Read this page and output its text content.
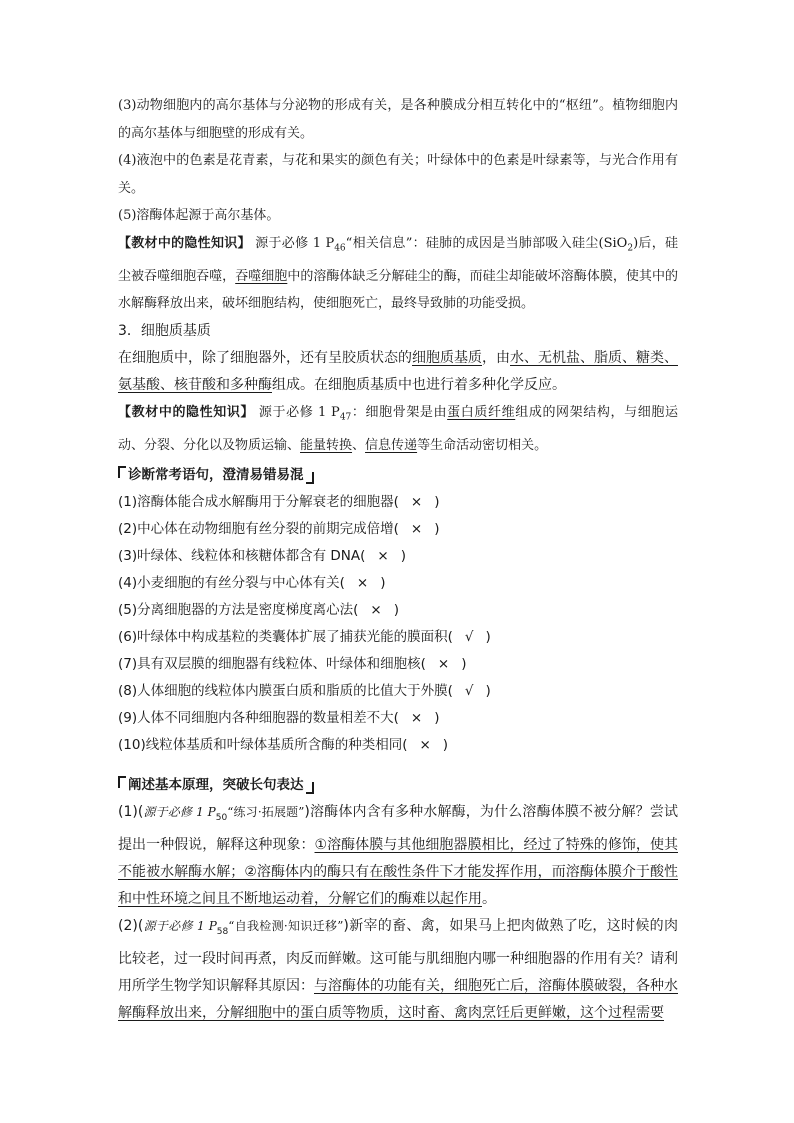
(3)动物细胞内的高尔基体与分泌物的形成有关，是各种膜成分相互转化中的“枢纽”。植物细胞内的高尔基体与细胞壁的形成有关。

(4)液泡中的色素是花青素，与花和果实的颜色有关；叶绿体中的色素是叶绿素等，与光合作用有关。

(5)溶酶体起源于高尔基体。

【教材中的隐性知识】 源于必修 1 $P_{46}“$相关信息”：硅肺的成因是当肺部吸入硅尘(SiO$_2$)后，硅尘被吞噬细胞吞噬，吞噬细胞中的溶酶体缺乏分解硅尘的酶，而硅尘却能破坏溶酶体膜，使其中的水解酶释放出来，破坏细胞结构，使细胞死亡，最终导致肺的功能受损。

3．细胞质基质

在细胞质中，除了细胞器外，还有呈胶质状态的细胞质基质，由水、无机盐、脂质、糖类、氨基酸、核苷酸和多种酶组成。在细胞质基质中也进行着多种化学反应。

【教材中的隐性知识】 源于必修 1 $P_{47}$：细胞骨架是由蛋白质纤维组成的网架结构，与细胞运动、分裂、分化以及物质运输、能量转换、信息传递等生命活动密切相关。

诊断常考语句，澄清易错易混

(1)溶酶体能合成水解酶用于分解衰老的细胞器( × )

(2)中心体在动物细胞有丝分裂的前期完成倍增( × )

(3)叶绿体、线粒体和核糖体都含有 DNA( × )

(4)小麦细胞的有丝分裂与中心体有关( × )

(5)分离细胞器的方法是密度梯度离心法( × )

(6)叶绿体中构成基粒的类囊体扩展了捕获光能的膜面积( √ )

(7)具有双层膜的细胞器有线粒体、叶绿体和细胞核( × )

(8)人体细胞的线粒体内膜蛋白质和脂质的比值大于外膜( √ )

(9)人体不同细胞内各种细胞器的数量相差不大( × )

(10)线粒体基质和叶绿体基质所含酶的种类相同( × )

阐述基本原理，突破长句表达

(1)(源于必修 1 $P_{50}“$练习·拓展题”)溶酶体内含有多种水解酶，为什么溶酶体膜不被分解？尝试提出一种假说，解释这种现象：①溶酶体膜与其他细胞器膜相比，经过了特殊的修饰，使其不能被水解酶水解；②溶酶体内的酶只有在酸性条件下才能发挥作用，而溶酶体膜介于酸性和中性环境之间且不断地运动着，分解它们的酶难以起作用。

(2)(源于必修 1 $P_{58}“$自我检测·知识迁移”)新宰的畜、禽，如果马上把肉做熟了吃，这时候的肉比较老，过一段时间再煮，肉反而鲜嫩。这可能与肌细胞内哪一种细胞器的作用有关？请利用所学生物学知识解释其原因：与溶酶体的功能有关，细胞死亡后，溶酶体膜破裂，各种水解酶释放出来，分解细胞中的蛋白质等物质，这时畜、禽肉烹饪后更鲜嫩，这个过程需要
